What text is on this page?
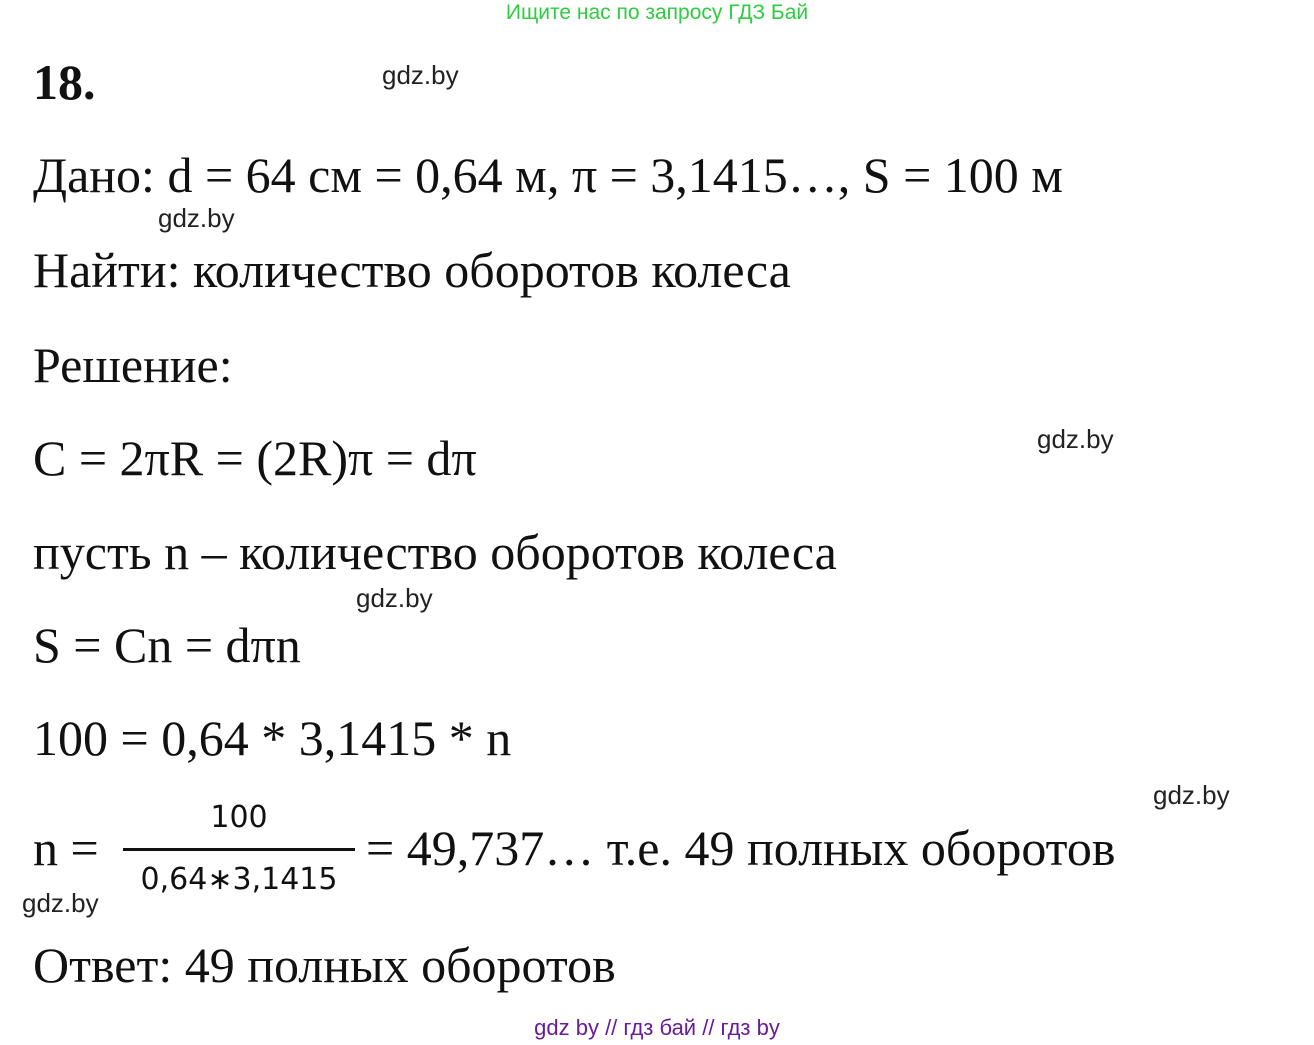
Ищите нас по запросу ГДЗ Бай
18.	gdz.by
Дано: d = 64 см = 0,64 м, π = 3,1415…, S = 100 м
gdz.by
Найти: количество оборотов колеса
Решение:
C = 2πR = (2R)π = dπ	gdz.by
пусть n – количество оборотов колеса
gdz.by
S = Cn = dπn
100 = 0,64 * 3,1415 * n
gdz.by
n =
100
0,64∗3,1415
= 49,737… т.е. 49 полных оборотов
gdz.by
Ответ: 49 полных оборотов
gdz by // гдз бай // гдз by
